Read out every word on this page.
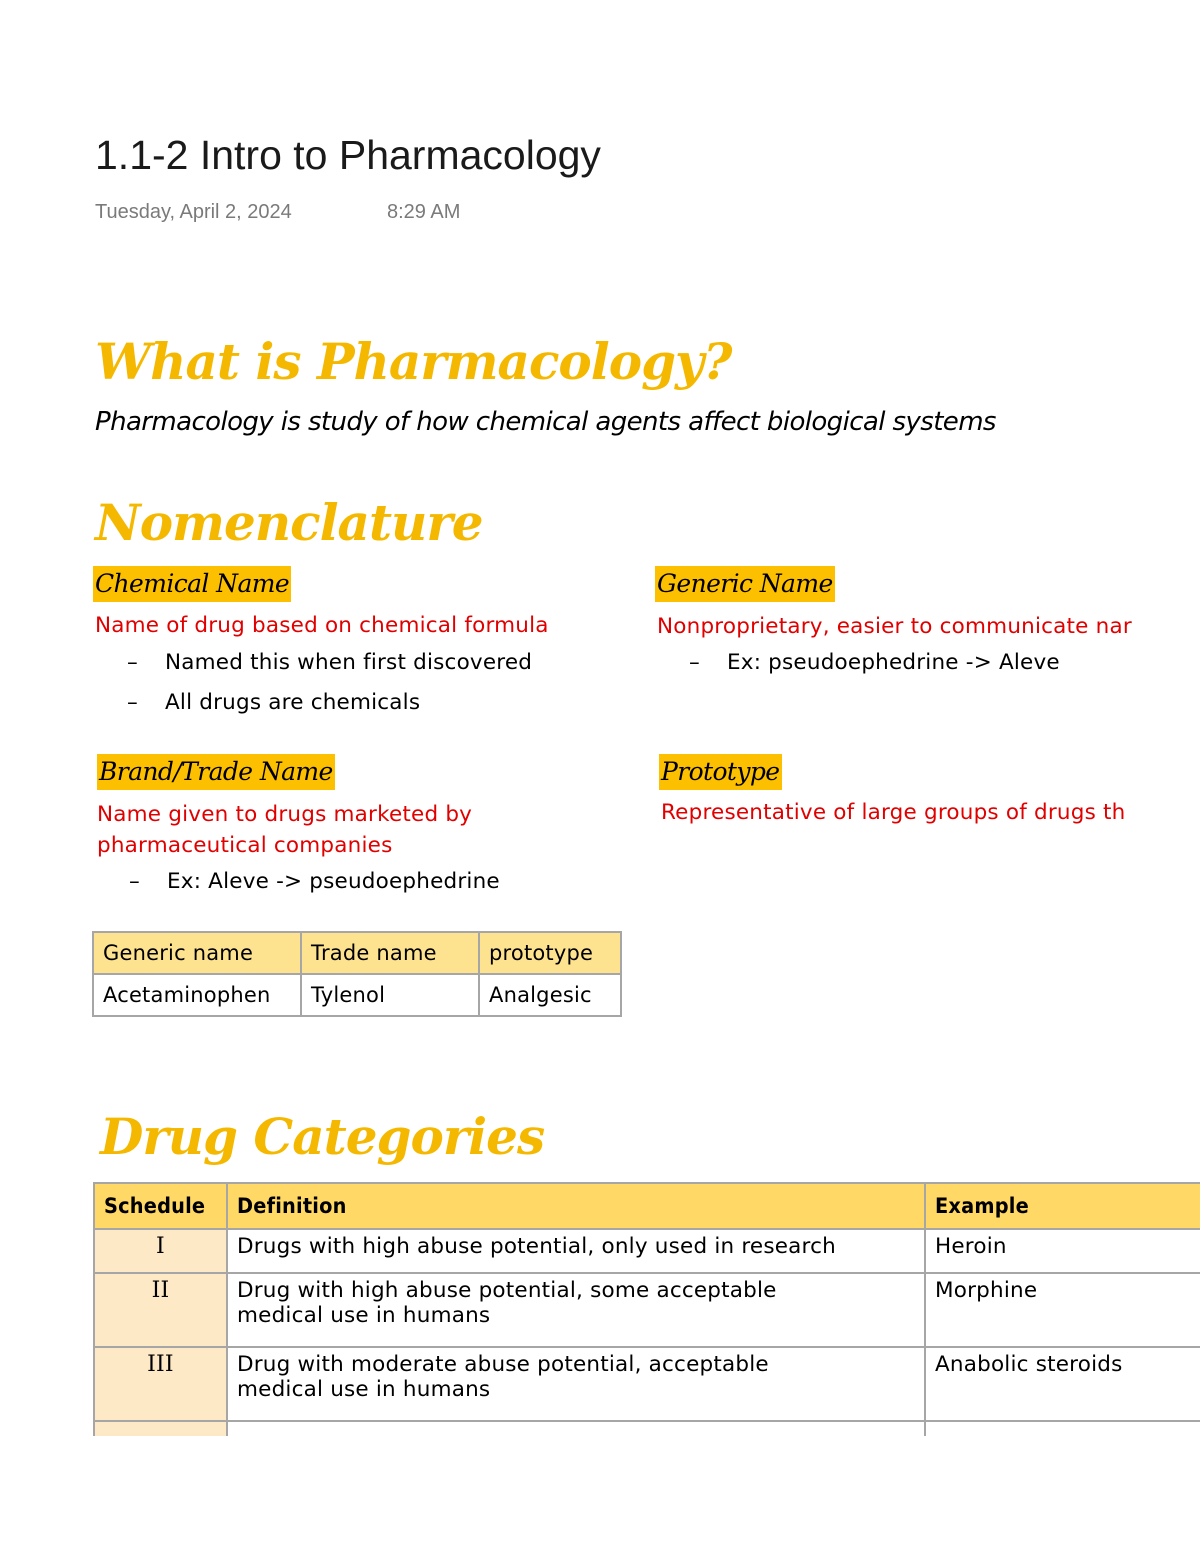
1.1-2 Intro to Pharmacology
Tuesday, April 2, 2024	8:29 AM
What is Pharmacology?
Pharmacology is study of how chemical agents affect biological systems
Nomenclature
Chemical Name
Name of drug based on chemical formula
– Named this when first discovered
– All drugs are chemicals
Generic Name
Nonproprietary, easier to communicate nar
– Ex: pseudoephedrine -> Aleve
Brand/Trade Name
Name given to drugs marketed by
pharmaceutical companies
– Ex: Aleve -> pseudoephedrine
Prototype
Representative of large groups of drugs th
Generic name	Trade name	prototype
Acetaminophen	Tylenol	Analgesic
Drug Categories
Schedule	Definition	Example
I	Drugs with high abuse potential, only used in research	Heroin
II	Drug with high abuse potential, some acceptable
medical use in humans	Morphine
III	Drug with moderate abuse potential, acceptable
medical use in humans	Anabolic steroids
